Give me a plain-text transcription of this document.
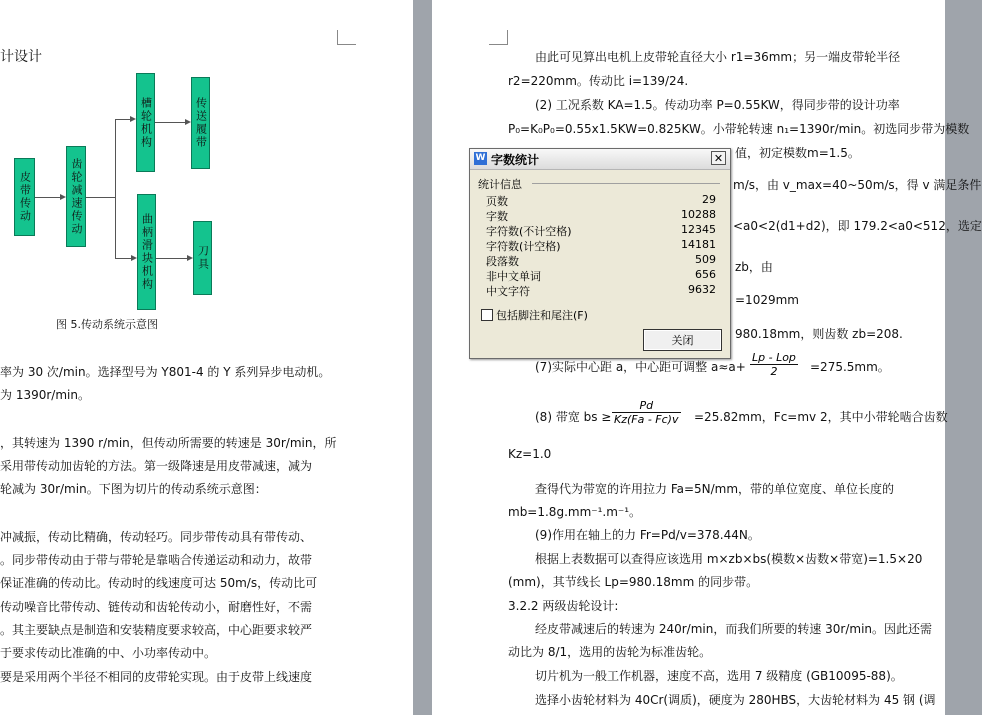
计设计
皮带传动	齿轮减速传动
槽轮机构	传送履带
曲柄滑块机构	刀具
图 5.传动系统示意图
率为 30 次/min。选择型号为 Y801-4 的 Y 系列异步电动机。
为 1390r/min。
，其转速为 1390 r/min，但传动所需要的转速是 30r/min，所
采用带传动加齿轮的方法。第一级降速是用皮带减速，减为
轮减为 30r/min。下图为切片的传动系统示意图：
冲减振，传动比精确，传动轻巧。同步带传动具有带传动、
。同步带传动由于带与带轮是靠啮合传递运动和动力，故带
保证准确的传动比。传动时的线速度可达 50m/s，传动比可
传动噪音比带传动、链传动和齿轮传动小，耐磨性好，不需
。其主要缺点是制造和安装精度要求较高，中心距要求较严
于要求传动比准确的中、小功率传动中。
要是采用两个半径不相同的皮带轮实现。由于皮带上线速度
由此可见算出电机上皮带轮直径大小 r1=36mm；另一端皮带轮半径
r2=220mm。传动比 i=139/24.
(2) 工况系数 KA=1.5。传动功率 P=0.55KW，得同步带的设计功率
P₀=K₀P₀=0.55x1.5KW=0.825KW。小带轮转速 n₁=1390r/min。初选同步带为模数
值，初定模数m=1.5。
m/s，由 v_max=40~50m/s，得 v 满足条件
<a0<2(d1+d2)，即 179.2<a0<512，选定
zb，由
=1029mm
980.18mm，则齿数 zb=208.
(7)实际中心距 a，中心距可调整 a≈a+
Lp - Lop
2	=275.5mm。
(8) 带宽 bs ≥ $\frac{Pd}{Kz(Fa - Fc)v} =25.82mm$，Fc=mv 2，其中小带轮啮合齿数
Kz=1.0
查得代为带宽的许用拉力 Fa=5N/mm，带的单位宽度、单位长度的
mb=1.8g.mm⁻¹.m⁻¹。
(9)作用在轴上的力 Fr=Pd/v=378.44N。
根据上表数据可以查得应该选用 m×zb×bs(模数×齿数×带宽)=1.5×20
(mm)，其节线长 Lp=980.18mm 的同步带。
3.2.2 两级齿轮设计:
经皮带减速后的转速为 240r/min，而我们所要的转速 30r/min。因此还需
动比为 8/1，选用的齿轮为标准齿轮。
切片机为一般工作机器，速度不高，选用 7 级精度 (GB10095-88)。
选择小齿轮材料为 40Cr(调质)，硬度为 280HBS，大齿轮材料为 45 钢 (调
W 字数统计	✕
统计信息
页数	29
字数	10288
字符数(不计空格)	12345
字符数(计空格)	14181
段落数	509
非中文单词	656
中文字符	9632
包括脚注和尾注(F)
关闭
